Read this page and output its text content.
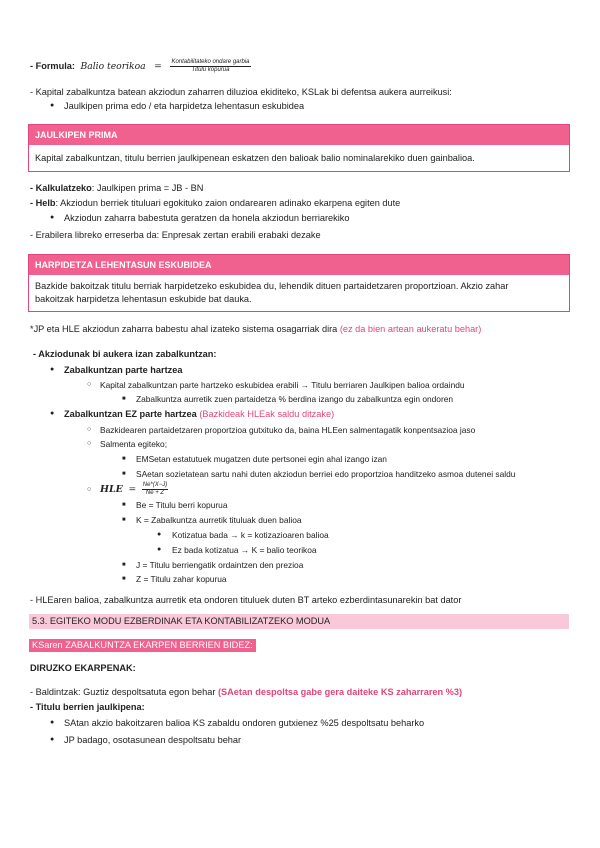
- Formula: Balio teorikoa = $\frac{\text{Kontabilitateko ondare garbia}}{\text{Titulu kopurua}}$
- Kapital zabalkuntza batean akziodun zaharren diluzioa ekiditeko, KSLak bi defentsa aukera aurreikusi:
● Jaulkipen prima edo / eta harpidetza lehentasun eskubidea
JAULKIPEN PRIMA
Kapital zabalkuntzan, titulu berrien jaulkipenean eskatzen den balioak balio nominalarekiko duen gainbalioa.
- Kalkulatzeko: Jaulkipen prima = JB - BN
- Helb: Akziodun berriek tituluari egokituko zaion ondarearen adinako ekarpena egiten dute
● Akziodun zaharra babestuta geratzen da honela akziodun berriarekiko
- Erabilera libreko erreserba da: Enpresak zertan erabili erabaki dezake
HARPIDETZA LEHENTASUN ESKUBIDEA
Bazkide bakoitzak titulu berriak harpidetzeko eskubidea du, lehendik dituen partaidetzaren proportzioan. Akzio zahar
bakoitzak harpidetza lehentasun eskubide bat dauka.
*JP eta HLE akziodun zaharra babestu ahal izateko sistema osagarriak dira (ez da bien artean aukeratu behar)
- Akziodunak bi aukera izan zabalkuntzan:
● Zabalkuntzan parte hartzea
○ Kapital zabalkuntzan parte hartzeko eskubidea erabili → Titulu berriaren Jaulkipen balioa ordaindu
■ Zabalkuntza aurretik zuen partaidetza % berdina izango du zabalkuntza egin ondoren
● Zabalkuntzan EZ parte hartzea (Bazkideak HLEak saldu ditzake)
○ Bazkidearen partaidetzaren proportzioa gutxituko da, baina HLEen salmentagatik konpentsazioa jaso
○ Salmenta egiteko;
■ EMSetan estatutuek mugatzen dute pertsonei egin ahal izango izan
■ SAetan sozietatean sartu nahi duten akziodun berriei edo proportzioa handitzeko asmoa dutenei saldu
○ HLE = $\frac{Ne*(X-J)}{Ne + Z}$
■ Be = Titulu berri kopurua
■ K = Zabalkuntza aurretik tituluak duen balioa
● Kotizatua bada → k = kotizazioaren balioa
● Ez bada kotizatua → K = balio teorikoa
■ J = Titulu berriengatik ordaintzen den prezioa
■ Z = Titulu zahar kopurua
- HLEaren balioa, zabalkuntza aurretik eta ondoren tituluek duten BT arteko ezberdintasunarekin bat dator
5.3. EGITEKO MODU EZBERDINAK ETA KONTABILIZATZEKO MODUA
KSaren ZABALKUNTZA EKARPEN BERRIEN BIDEZ:
DIRUZKO EKARPENAK:
- Baldintzak: Guztiz despoltsatuta egon behar (SAetan despoltsa gabe gera daiteke KS zaharraren %3)
- Titulu berrien jaulkipena:
● SAtan akzio bakoitzaren balioa KS zabaldu ondoren gutxienez %25 despoltsatu beharko
● JP badago, osotasunean despoltsatu behar
